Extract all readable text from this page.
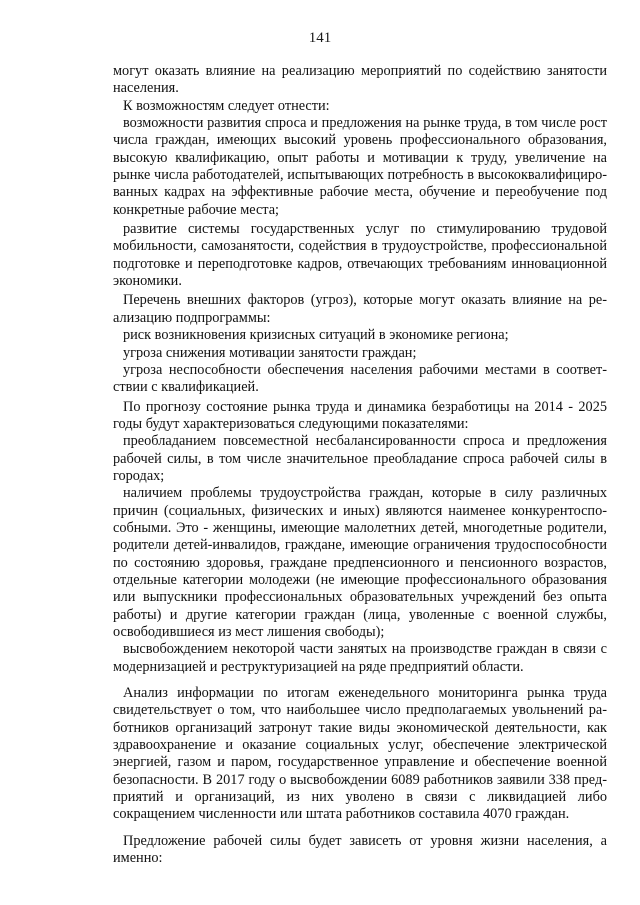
141

могут оказать влияние на реализацию мероприятий по содействию занятости населения.

К возможностям следует отнести:

возможности развития спроса и предложения на рынке труда, в том числе рост числа граждан, имеющих высокий уровень профессионального образования, высокую квалификацию, опыт работы и мотивации к труду, увеличение на рынке числа работодателей, испытывающих потребность в высококвалифицированных кадрах на эффективные рабочие места, обучение и переобучение под конкретные рабочие места;

развитие системы государственных услуг по стимулированию трудовой мобильности, самозанятости, содействия в трудоустройстве, профессиональной подготовке и переподготовке кадров, отвечающих требованиям инновационной экономики.

Перечень внешних факторов (угроз), которые могут оказать влияние на реализацию подпрограммы:

риск возникновения кризисных ситуаций в экономике региона;

угроза снижения мотивации занятости граждан;

угроза неспособности обеспечения населения рабочими местами в соответствии с квалификацией.

По прогнозу состояние рынка труда и динамика безработицы на 2014 - 2025 годы будут характеризоваться следующими показателями:

преобладанием повсеместной несбалансированности спроса и предложения рабочей силы, в том числе значительное преобладание спроса рабочей силы в городах;

наличием проблемы трудоустройства граждан, которые в силу различных причин (социальных, физических и иных) являются наименее конкурентоспособными. Это - женщины, имеющие малолетних детей, многодетные родители, родители детей-инвалидов, граждане, имеющие ограничения трудоспособности по состоянию здоровья, граждане предпенсионного и пенсионного возрастов, отдельные категории молодежи (не имеющие профессионального образования или выпускники профессиональных образовательных учреждений без опыта работы) и другие категории граждан (лица, уволенные с военной службы, освободившиеся из мест лишения свободы);

высвобождением некоторой части занятых на производстве граждан в связи с модернизацией и реструктуризацией на ряде предприятий области.

Анализ информации по итогам еженедельного мониторинга рынка труда свидетельствует о том, что наибольшее число предполагаемых увольнений работников организаций затронут такие виды экономической деятельности, как здравоохранение и оказание социальных услуг, обеспечение электрической энергией, газом и паром, государственное управление и обеспечение военной безопасности. В 2017 году о высвобождении 6089 работников заявили 338 предприятий и организаций, из них уволено в связи с ликвидацией либо сокращением численности или штата работников составила 4070 граждан.

Предложение рабочей силы будет зависеть от уровня жизни населения, а именно:
